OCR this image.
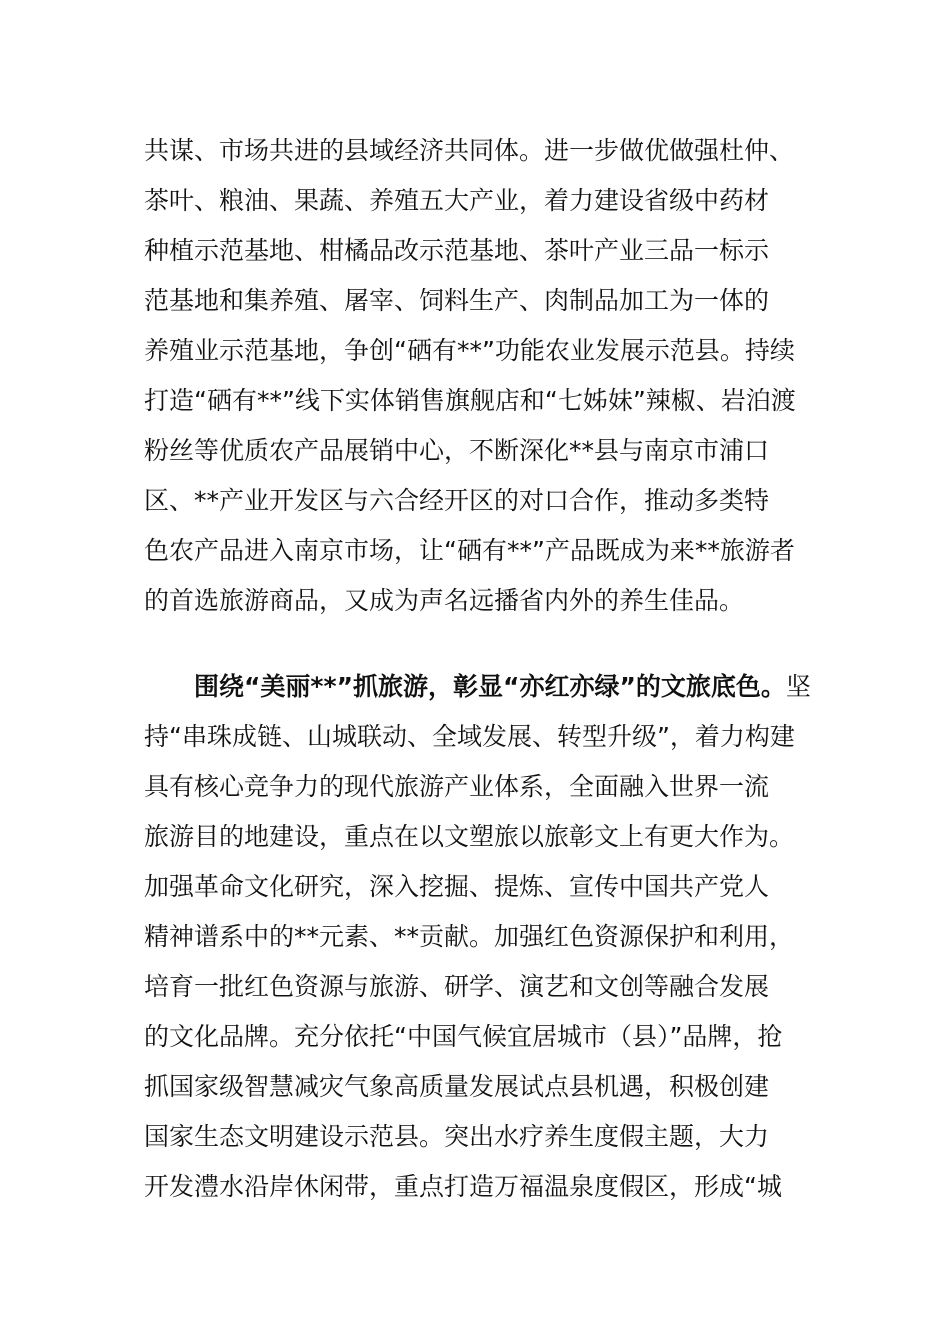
共谋、市场共进的县域经济共同体。进一步做优做强杜仲、

茶叶、粮油、果蔬、养殖五大产业，着力建设省级中药材

种植示范基地、柑橘品改示范基地、茶叶产业三品一标示

范基地和集养殖、屠宰、饲料生产、肉制品加工为一体的

养殖业示范基地，争创“硒有**”功能农业发展示范县。持续

打造“硒有**”线下实体销售旗舰店和“七姊妹”辣椒、岩泊渡

粉丝等优质农产品展销中心，不断深化**县与南京市浦口

区、**产业开发区与六合经开区的对口合作，推动多类特

色农产品进入南京市场，让“硒有**”产品既成为来**旅游者

的首选旅游商品，又成为声名远播省内外的养生佳品。

围绕“美丽**”抓旅游，彰显“亦红亦绿”的文旅底色。坚

持“串珠成链、山城联动、全域发展、转型升级”，着力构建

具有核心竞争力的现代旅游产业体系，全面融入世界一流

旅游目的地建设，重点在以文塑旅以旅彰文上有更大作为。

加强革命文化研究，深入挖掘、提炼、宣传中国共产党人

精神谱系中的**元素、**贡献。加强红色资源保护和利用，

培育一批红色资源与旅游、研学、演艺和文创等融合发展

的文化品牌。充分依托“中国气候宜居城市（县）”品牌，抢

抓国家级智慧减灾气象高质量发展试点县机遇，积极创建

国家生态文明建设示范县。突出水疗养生度假主题，大力

开发澧水沿岸休闲带，重点打造万福温泉度假区，形成“城
